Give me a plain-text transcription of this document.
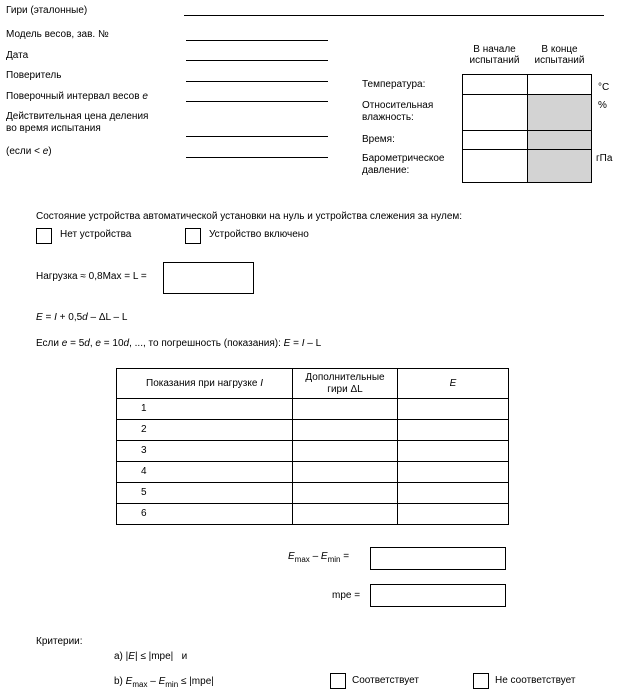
Гири (эталонные)
Модель весов, зав. №
Дата
Поверитель
Поверочный интервал весов e
Действительная цена деления
во время испытания
(если < e)
В начале
испытаний
В конце
испытаний
Температура:	°С
Относительная
влажность:
%
Время:
Барометрическое
давление:
гПа
Состояние устройства автоматической установки на нуль и устройства слежения за нулем:
Нет устройства	Устройство включено
Нагрузка ≈ 0,8Max = L =
E = I + 0,5d – ΔL – L
Если e = 5d, e = 10d, ..., то погрешность (показания): E = I – L
Показания при нагрузке I	Дополнительные
гири ΔL	E
1		
2		
3		
4		
5		
6		
$E_{max} - E_{min}$ =
mpe =
Критерии:
a) |E| ≤ |mpe|   и
b) $E_{max} - E_{min} \le |mpe|$	Соответствует	Не соответствует
